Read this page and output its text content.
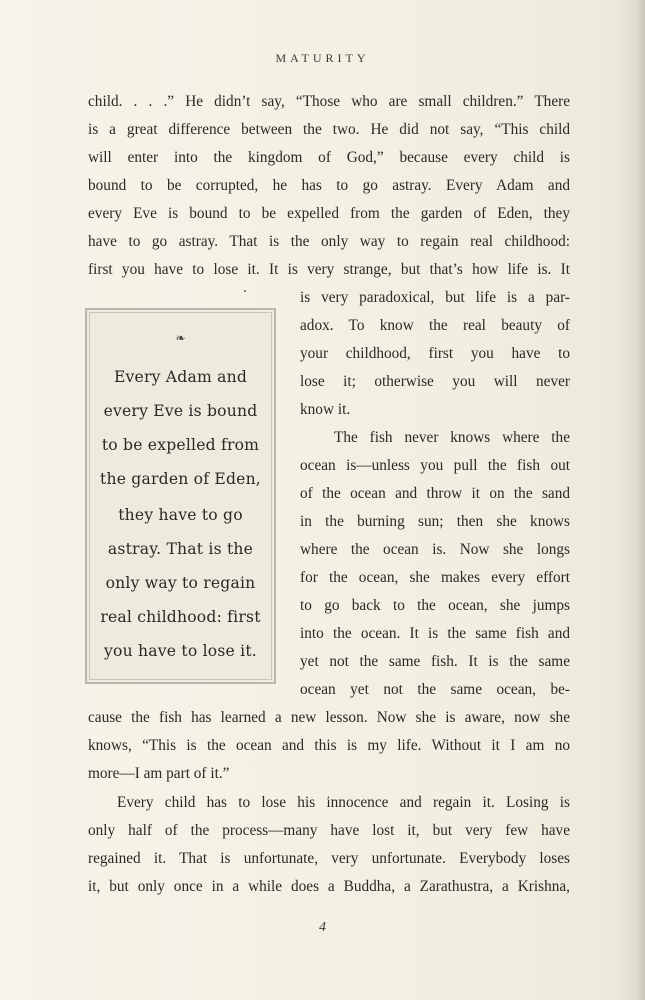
MATURITY
child. . . .” He didn’t say, “Those who are small children.” There
is a great difference between the two. He did not say, “This child
will enter into the kingdom of God,” because every child is
bound to be corrupted, he has to go astray. Every Adam and
every Eve is bound to be expelled from the garden of Eden, they
have to go astray. That is the only way to regain real childhood:
first you have to lose it. It is very strange, but that’s how life is. It
is very paradoxical, but life is a par-
adox. To know the real beauty of
your childhood, first you have to
lose it; otherwise you will never
know it.
The fish never knows where the
ocean is—unless you pull the fish out
of the ocean and throw it on the sand
in the burning sun; then she knows
where the ocean is. Now she longs
for the ocean, she makes every effort
to go back to the ocean, she jumps
into the ocean. It is the same fish and
yet not the same fish. It is the same
ocean yet not the same ocean, be-
❧
Every Adam and
every Eve is bound
to be expelled from
the garden of Eden,
they have to go
astray. That is the
only way to regain
real childhood: first
you have to lose it.
cause the fish has learned a new lesson. Now she is aware, now she
knows, “This is the ocean and this is my life. Without it I am no
more—I am part of it.”
Every child has to lose his innocence and regain it. Losing is
only half of the process—many have lost it, but very few have
regained it. That is unfortunate, very unfortunate. Everybody loses
it, but only once in a while does a Buddha, a Zarathustra, a Krishna,
4
